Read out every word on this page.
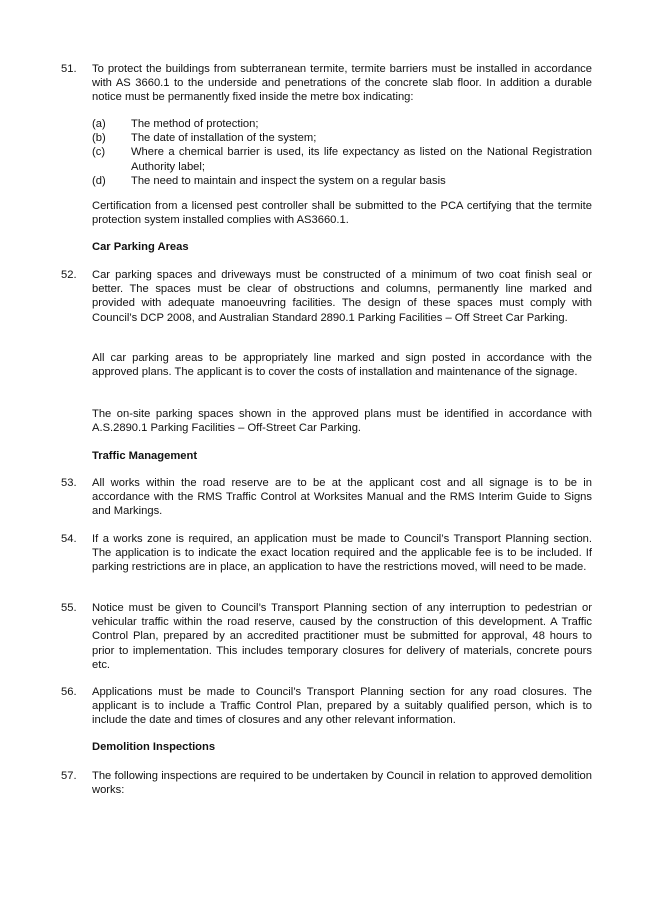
51.	To protect the buildings from subterranean termite, termite barriers must be installed in accordance with AS 3660.1 to the underside and penetrations of the concrete slab floor. In addition a durable notice must be permanently fixed inside the metre box indicating:

(a) The method of protection;
(b) The date of installation of the system;
(c) Where a chemical barrier is used, its life expectancy as listed on the National Registration Authority label;
(d) The need to maintain and inspect the system on a regular basis

Certification from a licensed pest controller shall be submitted to the PCA certifying that the termite protection system installed complies with AS3660.1.

Car Parking Areas

52.	Car parking spaces and driveways must be constructed of a minimum of two coat finish seal or better. The spaces must be clear of obstructions and columns, permanently line marked and provided with adequate manoeuvring facilities. The design of these spaces must comply with Council’s DCP 2008, and Australian Standard 2890.1 Parking Facilities – Off Street Car Parking.

All car parking areas to be appropriately line marked and sign posted in accordance with the approved plans. The applicant is to cover the costs of installation and maintenance of the signage.

The on-site parking spaces shown in the approved plans must be identified in accordance with A.S.2890.1 Parking Facilities – Off-Street Car Parking.

Traffic Management

53.	All works within the road reserve are to be at the applicant cost and all signage is to be in accordance with the RMS Traffic Control at Worksites Manual and the RMS Interim Guide to Signs and Markings.

54.	If a works zone is required, an application must be made to Council’s Transport Planning section. The application is to indicate the exact location required and the applicable fee is to be included. If parking restrictions are in place, an application to have the restrictions moved, will need to be made.

55.	Notice must be given to Council’s Transport Planning section of any interruption to pedestrian or vehicular traffic within the road reserve, caused by the construction of this development. A Traffic Control Plan, prepared by an accredited practitioner must be submitted for approval, 48 hours to prior to implementation. This includes temporary closures for delivery of materials, concrete pours etc.

56.	Applications must be made to Council’s Transport Planning section for any road closures. The applicant is to include a Traffic Control Plan, prepared by a suitably qualified person, which is to include the date and times of closures and any other relevant information.

Demolition Inspections

57.	The following inspections are required to be undertaken by Council in relation to approved demolition works:
